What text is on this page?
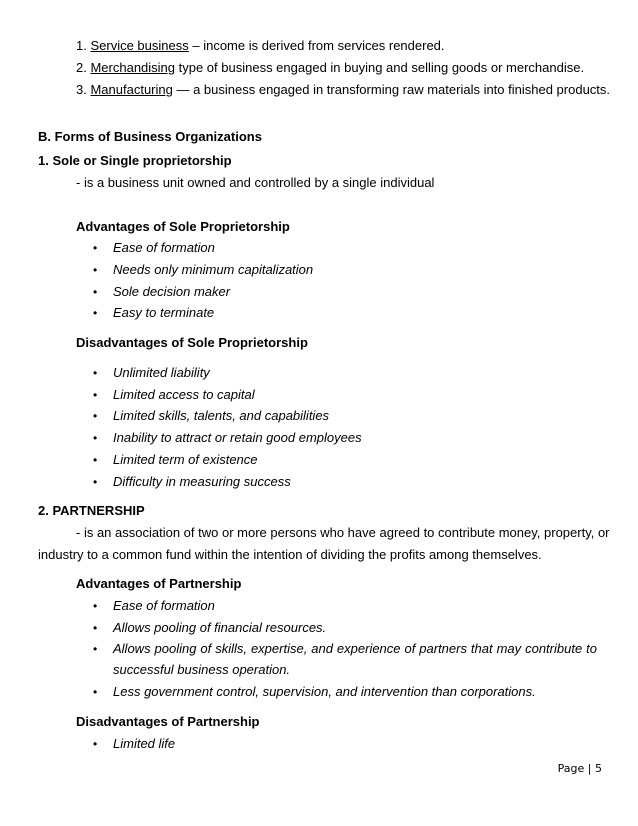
1. Service business – income is derived from services rendered.
2. Merchandising type of business engaged in buying and selling goods or merchandise.
3. Manufacturing — a business engaged in transforming raw materials into finished products.
B. Forms of Business Organizations
1. Sole or Single proprietorship
- is a business unit owned and controlled by a single individual
Advantages of Sole Proprietorship
•	Ease of formation
•	Needs only minimum capitalization
•	Sole decision maker
•	Easy to terminate
Disadvantages of Sole Proprietorship
•	Unlimited liability
•	Limited access to capital
•	Limited skills, talents, and capabilities
•	Inability to attract or retain good employees
•	Limited term of existence
•	Difficulty in measuring success
2. PARTNERSHIP
- is an association of two or more persons who have agreed to contribute money, property, or
industry to a common fund within the intention of dividing the profits among themselves.
Advantages of Partnership
•	Ease of formation
•	Allows pooling of financial resources.
•	Allows pooling of skills, expertise, and experience of partners that may contribute to
successful business operation.
•	Less government control, supervision, and intervention than corporations.
Disadvantages of Partnership
•	Limited life
Page | 5
